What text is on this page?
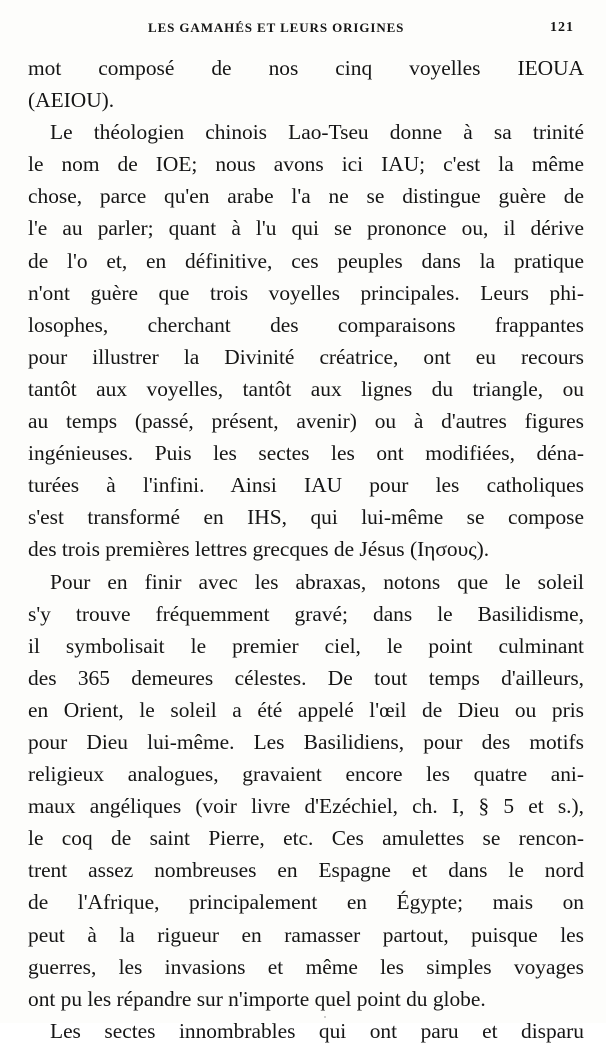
LES GAMAHÉS ET LEURS ORIGINES	121
mot composé de nos cinq voyelles IEOUA
(AEIOU).
Le théologien chinois Lao-Tseu donne à sa trinité
le nom de IOE; nous avons ici IAU; c'est la même
chose, parce qu'en arabe l'a ne se distingue guère de
l'e au parler; quant à l'u qui se prononce ou, il dérive
de l'o et, en définitive, ces peuples dans la pratique
n'ont guère que trois voyelles principales. Leurs phi-
losophes, cherchant des comparaisons frappantes
pour illustrer la Divinité créatrice, ont eu recours
tantôt aux voyelles, tantôt aux lignes du triangle, ou
au temps (passé, présent, avenir) ou à d'autres figures
ingénieuses. Puis les sectes les ont modifiées, déna-
turées à l'infini. Ainsi IAU pour les catholiques
s'est transformé en IHS, qui lui-même se compose
des trois premières lettres grecques de Jésus (Iησους).
Pour en finir avec les abraxas, notons que le soleil
s'y trouve fréquemment gravé; dans le Basilidisme,
il symbolisait le premier ciel, le point culminant
des 365 demeures célestes. De tout temps d'ailleurs,
en Orient, le soleil a été appelé l'œil de Dieu ou pris
pour Dieu lui-même. Les Basilidiens, pour des motifs
religieux analogues, gravaient encore les quatre ani-
maux angéliques (voir livre d'Ezéchiel, ch. I, § 5 et s.),
le coq de saint Pierre, etc. Ces amulettes se rencon-
trent assez nombreuses en Espagne et dans le nord
de l'Afrique, principalement en Égypte; mais on
peut à la rigueur en ramasser partout, puisque les
guerres, les invasions et même les simples voyages
ont pu les répandre sur n'importe quel point du globe.
Les sectes innombrables qui ont paru et disparu
